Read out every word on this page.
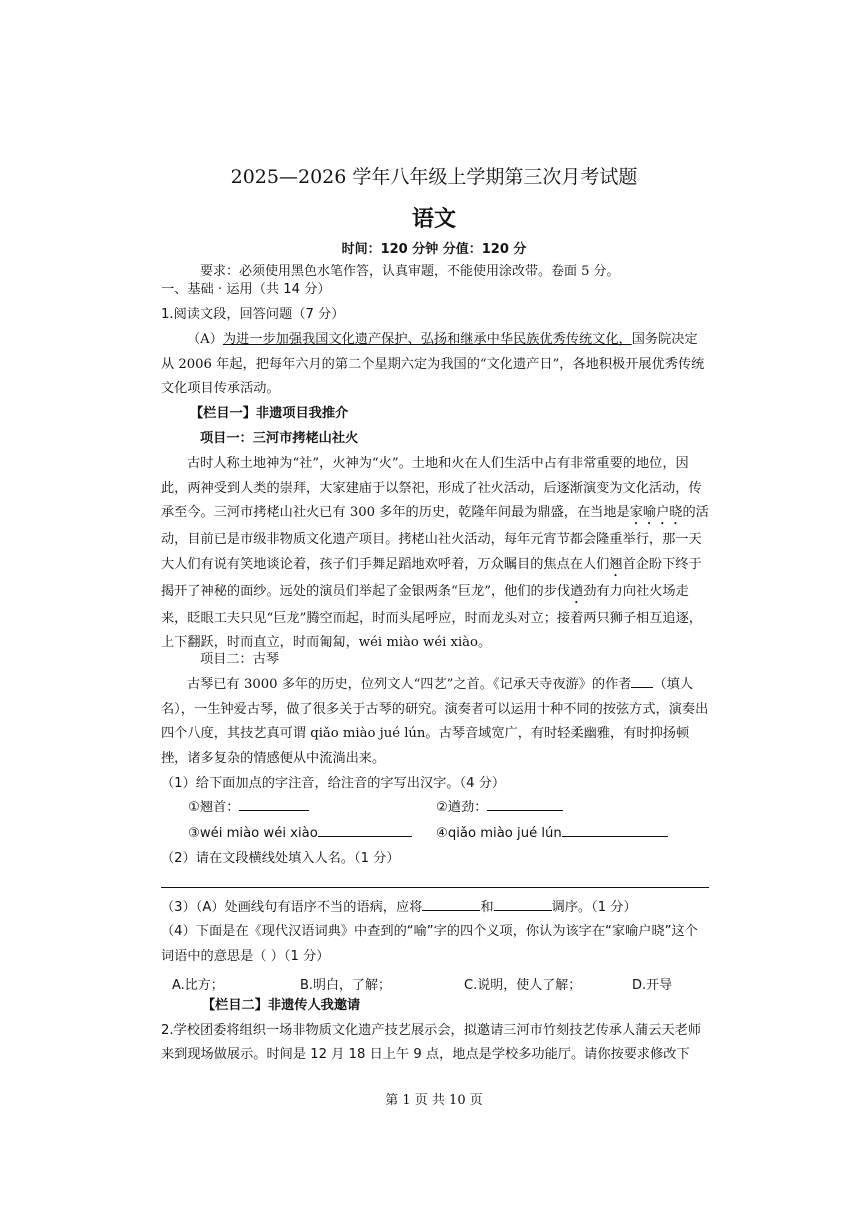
2025—2026 学年八年级上学期第三次月考试题
语文
时间：120 分钟 分值：120 分
要求：必须使用黑色水笔作答，认真审题，不能使用涂改带。卷面 5 分。
一、基础 · 运用（共 14 分）
1.阅读文段，回答问题（7 分）
（A）为进一步加强我国文化遗产保护、弘扬和继承中华民族优秀传统文化，国务院决定从 2006 年起，把每年六月的第二个星期六定为我国的“文化遗产日”，各地积极开展优秀传统文化项目传承活动。
【栏目一】非遗项目我推介
项目一：三河市拷栳山社火
古时人称土地神为“社”，火神为“火”。土地和火在人们生活中占有非常重要的地位，因此，两神受到人类的崇拜，大家建庙于以祭祀，形成了社火活动，后逐渐演变为文化活动，传承至今。三河市拷栳山社火已有 300 多年的历史，乾隆年间最为鼎盛，在当地是家喻户晓的活动，目前已是市级非物质文化遗产项目。拷栳山社火活动，每年元宵节都会隆重举行，那一天大人们有说有笑地谈论着，孩子们手舞足蹈地欢呼着，万众瞩目的焦点在人们翘首企盼下终于揭开了神秘的面纱。远处的演员们举起了金银两条“巨龙”，他们的步伐遒劲有力向社火场走来，眨眼工夫只见“巨龙”腾空而起，时而头尾呼应，时而龙头对立；接着两只狮子相互追逐，上下翻跃，时而直立，时而匍匐，wéi miào wéi xiào。
项目二：古琴
古琴已有 3000 多年的历史，位列文人“四艺”之首。《记承天寺夜游》的作者 （填人名），一生钟爱古琴，做了很多关于古琴的研究。演奏者可以运用十种不同的按弦方式，演奏出四个八度，其技艺真可谓 qiǎo miào jué lún。古琴音域宽广，有时轻柔幽雅，有时抑扬顿挫，诸多复杂的情感便从中流淌出来。
（1）给下面加点的字注音，给注音的字写出汉字。（4 分）
①翘首：	②遒劲：
③wéi miào wéi xiào	④qiǎo miào jué lún
（2）请在文段横线处填入人名。（1 分）
（3）（A）处画线句有语序不当的语病，应将	和	调序。（1 分）
（4）下面是在《现代汉语词典》中查到的“喻”字的四个义项，你认为该字在“家喻户晓”这个词语中的意思是（ ）（1 分）
A.比方；	B.明白，了解；	C.说明，使人了解；	D.开导
【栏目二】非遗传人我邀请
2.学校团委将组织一场非物质文化遗产技艺展示会，拟邀请三河市竹刻技艺传承人蒲云天老师来到现场做展示。时间是 12 月 18 日上午 9 点，地点是学校多功能厅。请你按要求修改下
第 1 页 共 10 页
